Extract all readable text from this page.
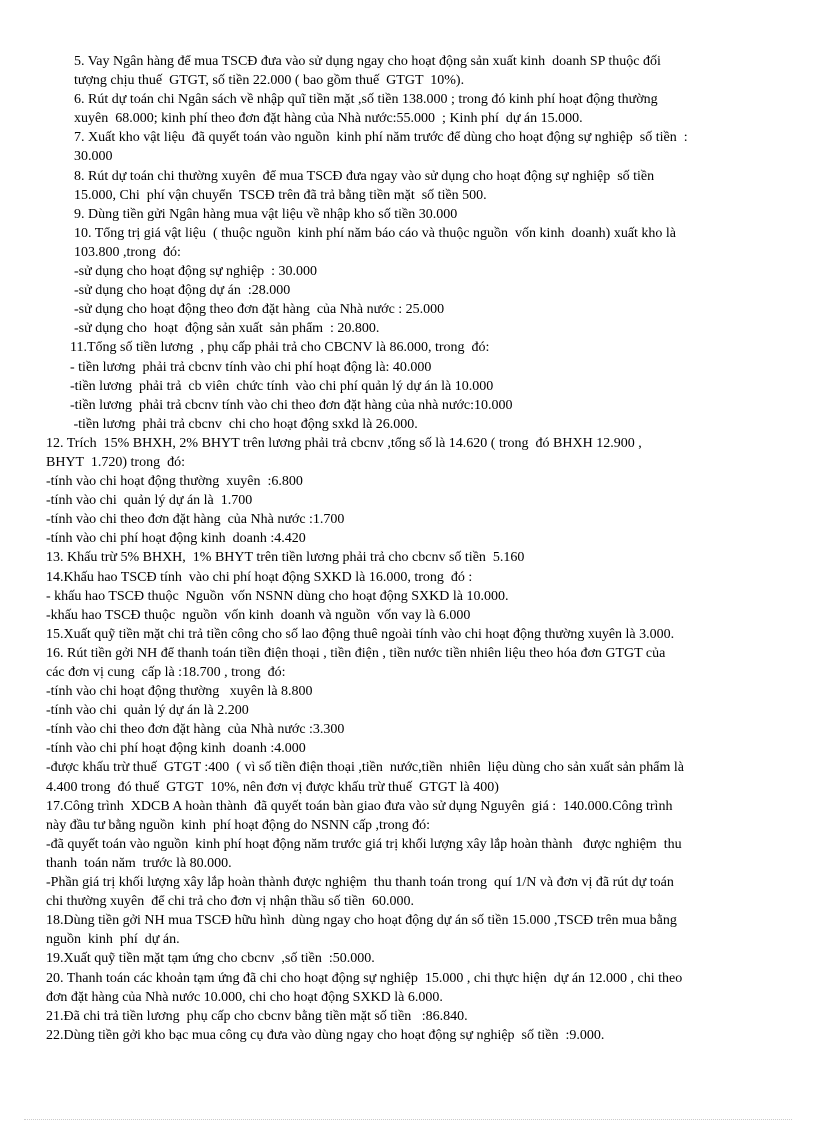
5. Vay Ngân hàng để mua TSCĐ đưa vào sử dụng ngay cho hoạt động sản xuất kinh  doanh SP thuộc đối
tượng chịu thuế  GTGT, số tiền 22.000 ( bao gồm thuế  GTGT  10%).
6. Rút dự toán chi Ngân sách về nhập quĩ tiền mặt ,số tiền 138.000 ; trong đó kinh phí hoạt động thường
xuyên  68.000; kinh phí theo đơn đặt hàng của Nhà nước:55.000  ; Kinh phí  dự án 15.000.
7. Xuất kho vật liệu  đã quyết toán vào nguồn  kinh phí năm trước để dùng cho hoạt động sự nghiệp  số tiền  :
30.000
8. Rút dự toán chi thường xuyên  để mua TSCĐ đưa ngay vào sử dụng cho hoạt động sự nghiệp  số tiền
15.000, Chi  phí vận chuyển  TSCĐ trên đã trả bằng tiền mặt  số tiền 500.
9. Dùng tiền gửi Ngân hàng mua vật liệu về nhập kho số tiền 30.000
10. Tổng trị giá vật liệu  ( thuộc nguồn  kinh phí năm báo cáo và thuộc nguồn  vốn kinh  doanh) xuất kho là
103.800 ,trong  đó:
-sử dụng cho hoạt động sự nghiệp  : 30.000
-sử dụng cho hoạt động dự án  :28.000
-sử dụng cho hoạt động theo đơn đặt hàng  của Nhà nước : 25.000
-sử dụng cho  hoạt  động sản xuất  sản phẩm  : 20.800.
11.Tổng số tiền lương  , phụ cấp phải trả cho CBCNV là 86.000, trong  đó:
- tiền lương  phải trả cbcnv tính vào chi phí hoạt động là: 40.000
-tiền lương  phải trả  cb viên  chức tính  vào chi phí quản lý dự án là 10.000
-tiền lương  phải trả cbcnv tính vào chi theo đơn đặt hàng của nhà nước:10.000
-tiền lương  phải trả cbcnv  chi cho hoạt động sxkd là 26.000.
12. Trích  15% BHXH, 2% BHYT trên lương phải trả cbcnv ,tổng số là 14.620 ( trong  đó BHXH 12.900 ,
BHYT  1.720) trong  đó:
-tính vào chi hoạt động thường  xuyên  :6.800
-tính vào chi  quản lý dự án là  1.700
-tính vào chi theo đơn đặt hàng  của Nhà nước :1.700
-tính vào chi phí hoạt động kinh  doanh :4.420
13. Khấu trừ 5% BHXH,  1% BHYT trên tiền lương phải trả cho cbcnv số tiền  5.160
14.Khấu hao TSCĐ tính  vào chi phí hoạt động SXKD là 16.000, trong  đó :
- khấu hao TSCĐ thuộc  Nguồn  vốn NSNN dùng cho hoạt động SXKD là 10.000.
-khấu hao TSCĐ thuộc  nguồn  vốn kinh  doanh và nguồn  vốn vay là 6.000
15.Xuất quỹ tiền mặt chi trả tiền công cho số lao động thuê ngoài tính vào chi hoạt động thường xuyên là 3.000.
16. Rút tiền gởi NH để thanh toán tiền điện thoại , tiền điện , tiền nước tiền nhiên liệu theo hóa đơn GTGT của
các đơn vị cung  cấp là :18.700 , trong  đó:
-tính vào chi hoạt động thường   xuyên là 8.800
-tính vào chi  quản lý dự án là 2.200
-tính vào chi theo đơn đặt hàng  của Nhà nước :3.300
-tính vào chi phí hoạt động kinh  doanh :4.000
-được khấu trừ thuế  GTGT :400  ( vì số tiền điện thoại ,tiền  nước,tiền  nhiên  liệu dùng cho sản xuất sản phẩm là
4.400 trong  đó thuế  GTGT  10%, nên đơn vị được khấu trừ thuế  GTGT là 400)
17.Công trình  XDCB A hoàn thành  đã quyết toán bàn giao đưa vào sử dụng Nguyên  giá :  140.000.Công trình
này đầu tư bằng nguồn  kinh  phí hoạt động do NSNN cấp ,trong đó:
-đã quyết toán vào nguồn  kinh phí hoạt động năm trước giá trị khối lượng xây lắp hoàn thành   được nghiệm  thu
thanh  toán năm  trước là 80.000.
-Phần giá trị khối lượng xây lắp hoàn thành được nghiệm  thu thanh toán trong  quí 1/N và đơn vị đã rút dự toán
chi thường xuyên  để chi trả cho đơn vị nhận thầu số tiền  60.000.
18.Dùng tiền gởi NH mua TSCĐ hữu hình  dùng ngay cho hoạt động dự án số tiền 15.000 ,TSCĐ trên mua bằng
nguồn  kinh  phí  dự án.
19.Xuất quỹ tiền mặt tạm ứng cho cbcnv  ,số tiền  :50.000.
20. Thanh toán các khoản tạm ứng đã chi cho hoạt động sự nghiệp  15.000 , chi thực hiện  dự án 12.000 , chi theo
đơn đặt hàng của Nhà nước 10.000, chi cho hoạt động SXKD là 6.000.
21.Đã chi trả tiền lương  phụ cấp cho cbcnv bằng tiền mặt số tiền   :86.840.
22.Dùng tiền gởi kho bạc mua công cụ đưa vào dùng ngay cho hoạt động sự nghiệp  số tiền  :9.000.
